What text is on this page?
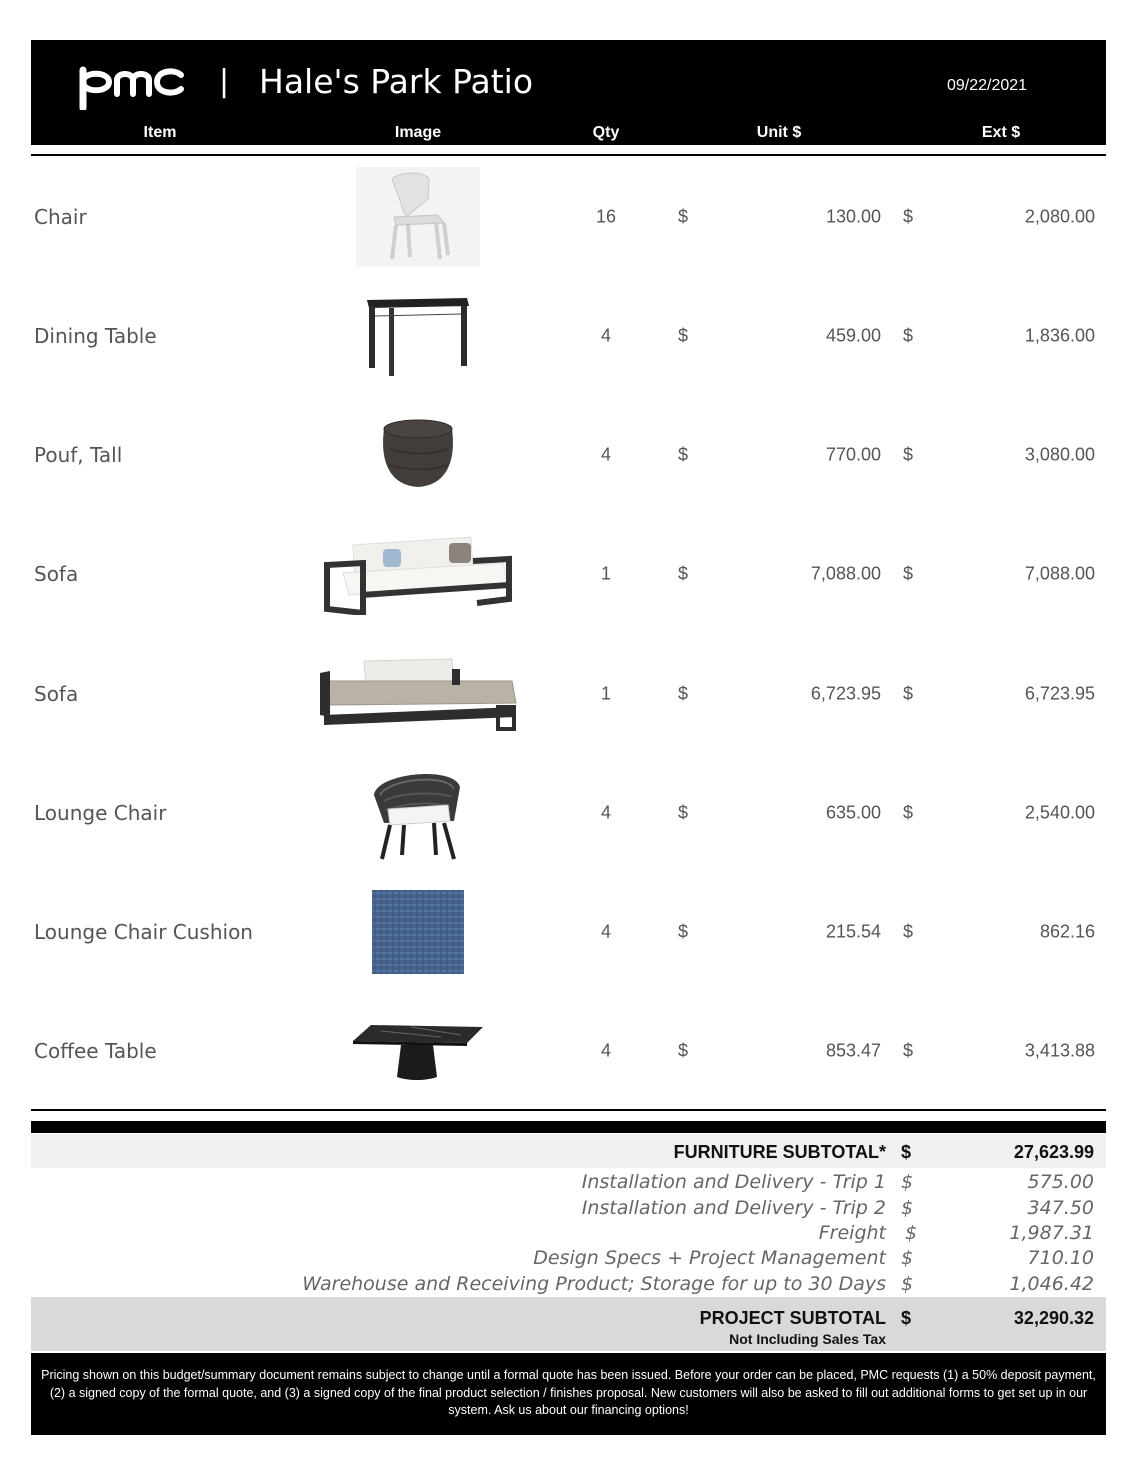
| Hale's Park Patio	09/22/2021
Item	Image	Qty	Unit $	Ext $
Chair	16	$	130.00 $	2,080.00
Dining Table	4	$	459.00 $	1,836.00
Pouf, Tall	4	$	770.00 $	3,080.00
Sofa	1	$	7,088.00 $	7,088.00
Sofa	1	$	6,723.95 $	6,723.95
Lounge Chair	4	$	635.00 $	2,540.00
Lounge Chair Cushion	4	$	215.54 $	862.16
Coffee Table	4	$	853.47 $	3,413.88
FURNITURE SUBTOTAL* $	27,623.99
Installation and Delivery - Trip 1 $	575.00
Installation and Delivery - Trip 2 $	347.50
Freight $	1,987.31
Design Specs + Project Management $	710.10
Warehouse and Receiving Product; Storage for up to 30 Days $	1,046.42
PROJECT SUBTOTAL $	32,290.32
Not Including Sales Tax
Pricing shown on this budget/summary document remains subject to change until a formal quote has been issued. Before your order can be placed, PMC requests (1) a 50% deposit payment, (2) a signed copy of the formal quote, and (3) a signed copy of the final product selection / finishes proposal. New customers will also be asked to fill out additional forms to get set up in our system. Ask us about our financing options!
